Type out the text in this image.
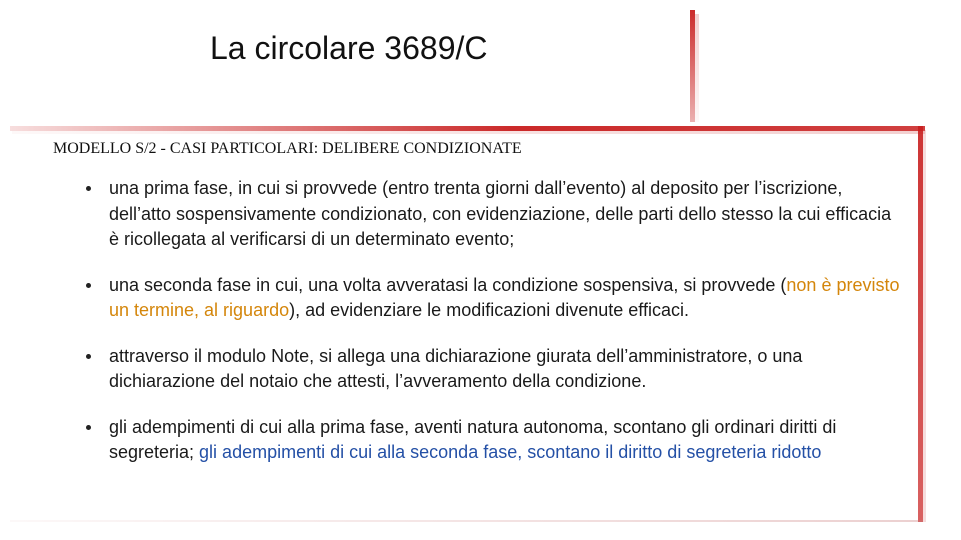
La circolare 3689/C
MODELLO S/2 - CASI PARTICOLARI: DELIBERE CONDIZIONATE
una prima fase, in cui si provvede (entro trenta giorni dall’evento) al deposito per l’iscrizione, dell’atto sospensivamente condizionato, con evidenziazione, delle parti dello stesso la cui efficacia è ricollegata al verificarsi di un determinato evento;
una seconda fase in cui, una volta avveratasi la condizione sospensiva, si provvede (non è previsto un termine, al riguardo), ad evidenziare le modificazioni divenute efficaci.
attraverso il modulo Note, si allega una dichiarazione giurata dell’amministratore, o una dichiarazione del notaio che attesti, l’avveramento della condizione.
gli adempimenti di cui alla prima fase, aventi natura autonoma, scontano gli ordinari diritti di segreteria; gli adempimenti di cui alla seconda fase, scontano il diritto di segreteria ridotto
